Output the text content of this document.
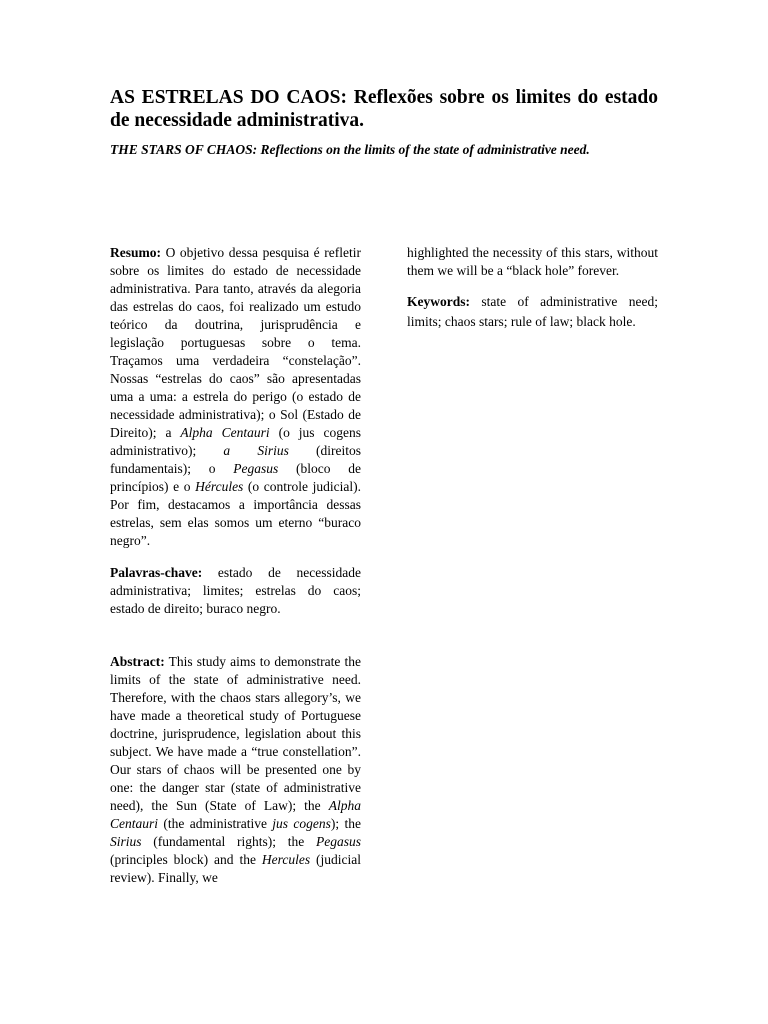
AS ESTRELAS DO CAOS: Reflexões sobre os limites do estado de necessidade administrativa.

THE STARS OF CHAOS: Reflections on the limits of the state of administrative need.

Resumo: O objetivo dessa pesquisa é refletir sobre os limites do estado de necessidade administrativa. Para tanto, através da alegoria das estrelas do caos, foi realizado um estudo teórico da doutrina, jurisprudência e legislação portuguesas sobre o tema. Traçamos uma verdadeira “constelação”. Nossas “estrelas do caos” são apresentadas uma a uma: a estrela do perigo (o estado de necessidade administrativa); o Sol (Estado de Direito); a Alpha Centauri (o jus cogens administrativo); a Sirius (direitos fundamentais); o Pegasus (bloco de princípios) e o Hércules (o controle judicial). Por fim, destacamos a importância dessas estrelas, sem elas somos um eterno “buraco negro”.

Palavras-chave: estado de necessidade administrativa; limites; estrelas do caos; estado de direito; buraco negro.

Abstract: This study aims to demonstrate the limits of the state of administrative need. Therefore, with the chaos stars allegory’s, we have made a theoretical study of Portuguese doctrine, jurisprudence, legislation about this subject. We have made a “true constellation”. Our stars of chaos will be presented one by one: the danger star (state of administrative need), the Sun (State of Law); the Alpha Centauri (the administrative jus cogens); the Sirius (fundamental rights); the Pegasus (principles block) and the Hercules (judicial review). Finally, we

highlighted the necessity of this stars, without them we will be a “black hole” forever.

Keywords: state of administrative need; limits; chaos stars; rule of law; black hole.
